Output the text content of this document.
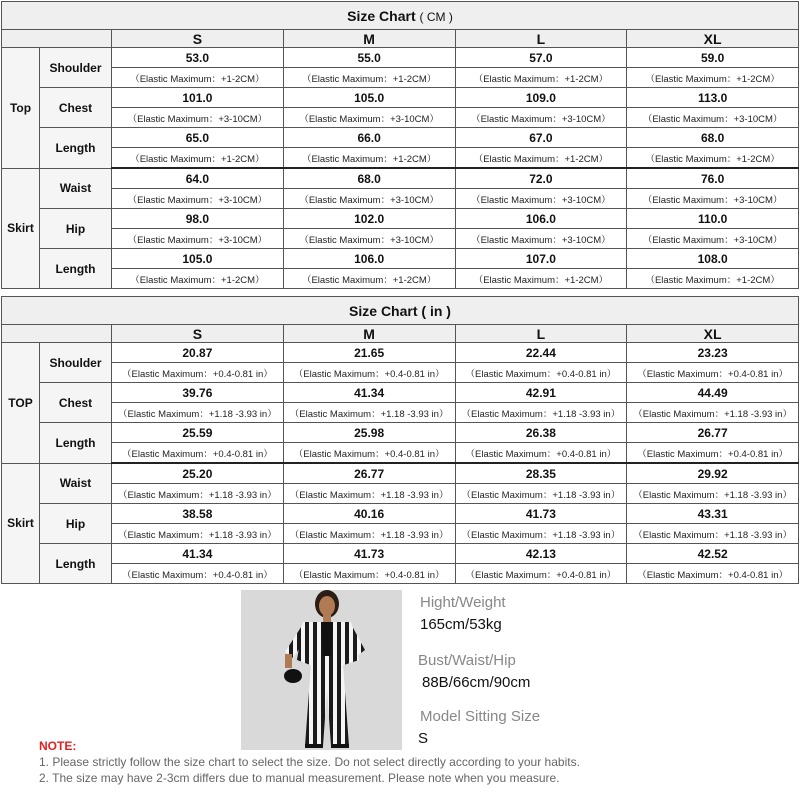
Size Chart ( CM )					
		S	M	L	XL
Top	Shoulder	53.0	55.0	57.0	59.0
		（Elastic Maximum：+1-2CM）	（Elastic Maximum：+1-2CM）	（Elastic Maximum：+1-2CM）	（Elastic Maximum：+1-2CM）
	Chest	101.0	105.0	109.0	113.0
		（Elastic Maximum：+3-10CM）	（Elastic Maximum：+3-10CM）	（Elastic Maximum：+3-10CM）	（Elastic Maximum：+3-10CM）
	Length	65.0	66.0	67.0	68.0
		（Elastic Maximum：+1-2CM）	（Elastic Maximum：+1-2CM）	（Elastic Maximum：+1-2CM）	（Elastic Maximum：+1-2CM）
Skirt	Waist	64.0	68.0	72.0	76.0
		（Elastic Maximum：+3-10CM）	（Elastic Maximum：+3-10CM）	（Elastic Maximum：+3-10CM）	（Elastic Maximum：+3-10CM）
	Hip	98.0	102.0	106.0	110.0
		（Elastic Maximum：+3-10CM）	（Elastic Maximum：+3-10CM）	（Elastic Maximum：+3-10CM）	（Elastic Maximum：+3-10CM）
	Length	105.0	106.0	107.0	108.0
		（Elastic Maximum：+1-2CM）	（Elastic Maximum：+1-2CM）	（Elastic Maximum：+1-2CM）	（Elastic Maximum：+1-2CM）
Size Chart ( in )					
		S	M	L	XL
TOP	Shoulder	20.87	21.65	22.44	23.23
		（Elastic Maximum：+0.4-0.81 in）	（Elastic Maximum：+0.4-0.81 in）	（Elastic Maximum：+0.4-0.81 in）	（Elastic Maximum：+0.4-0.81 in）
	Chest	39.76	41.34	42.91	44.49
		（Elastic Maximum：+1.18 -3.93 in）	（Elastic Maximum：+1.18 -3.93 in）	（Elastic Maximum：+1.18 -3.93 in）	（Elastic Maximum：+1.18 -3.93 in）
	Length	25.59	25.98	26.38	26.77
		（Elastic Maximum：+0.4-0.81 in）	（Elastic Maximum：+0.4-0.81 in）	（Elastic Maximum：+0.4-0.81 in）	（Elastic Maximum：+0.4-0.81 in）
Skirt	Waist	25.20	26.77	28.35	29.92
		（Elastic Maximum：+1.18 -3.93 in）	（Elastic Maximum：+1.18 -3.93 in）	（Elastic Maximum：+1.18 -3.93 in）	（Elastic Maximum：+1.18 -3.93 in）
	Hip	38.58	40.16	41.73	43.31
		（Elastic Maximum：+1.18 -3.93 in）	（Elastic Maximum：+1.18 -3.93 in）	（Elastic Maximum：+1.18 -3.93 in）	（Elastic Maximum：+1.18 -3.93 in）
	Length	41.34	41.73	42.13	42.52
		（Elastic Maximum：+0.4-0.81 in）	（Elastic Maximum：+0.4-0.81 in）	（Elastic Maximum：+0.4-0.81 in）	（Elastic Maximum：+0.4-0.81 in）
Hight/Weight
165cm/53kg
Bust/Waist/Hip
88B/66cm/90cm
Model Sitting Size
S
NOTE:
1. Please strictly follow the size chart to select the size. Do not select directly according to your habits.
2. The size may have 2-3cm differs due to manual measurement. Please note when you measure.
